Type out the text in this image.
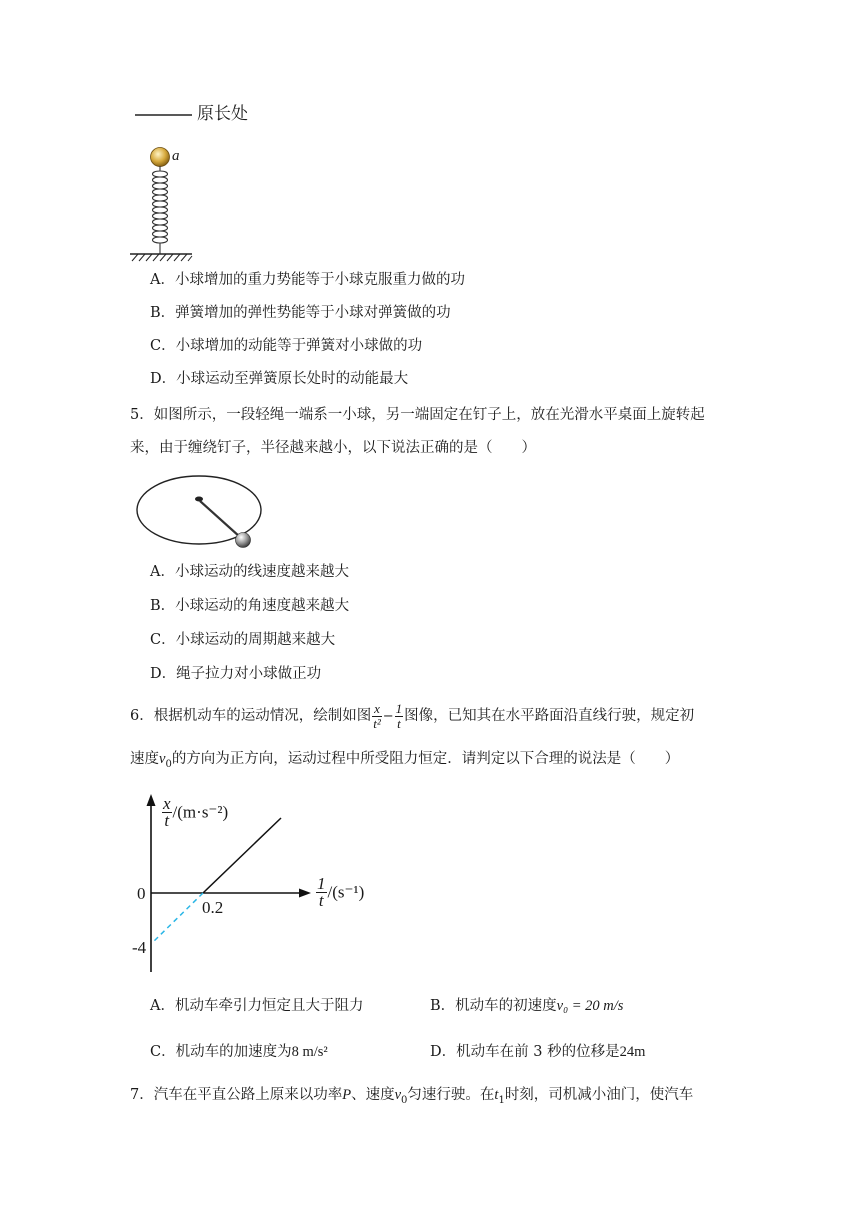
原长处
a
A．小球增加的重力势能等于小球克服重力做的功
B．弹簧增加的弹性势能等于小球对弹簧做的功
C．小球增加的动能等于弹簧对小球做的功
D．小球运动至弹簧原长处时的动能最大
5．如图所示，一段轻绳一端系一小球，另一端固定在钉子上，放在光滑水平桌面上旋转起
来，由于缠绕钉子，半径越来越小，以下说法正确的是（　　）
A．小球运动的线速度越来越大
B．小球运动的角速度越来越大
C．小球运动的周期越来越大
D．绳子拉力对小球做正功
6．根据机动车的运动情况，绘制如图 $\frac{x}{\text{t²}} - \frac{1}{t}$ 图像，已知其在水平路面沿直线行驶，规定初
速度$v_0$的方向为正方向，运动过程中所受阻力恒定．请判定以下合理的说法是（　　）
$\frac{x}{t} /(m\cdot s^{-2})$
$\frac{1}{t} /(s^{-1})$
0
0.2
-4
A．机动车牵引力恒定且大于阻力	B．机动车的初速度v₀ = 20 m/s
C．机动车的加速度为8 m/s²	D．机动车在前 3 秒的位移是24m
7．汽车在平直公路上原来以功率P、速度$v_0$匀速行驶。在$t_1$时刻，司机减小油门，使汽车
